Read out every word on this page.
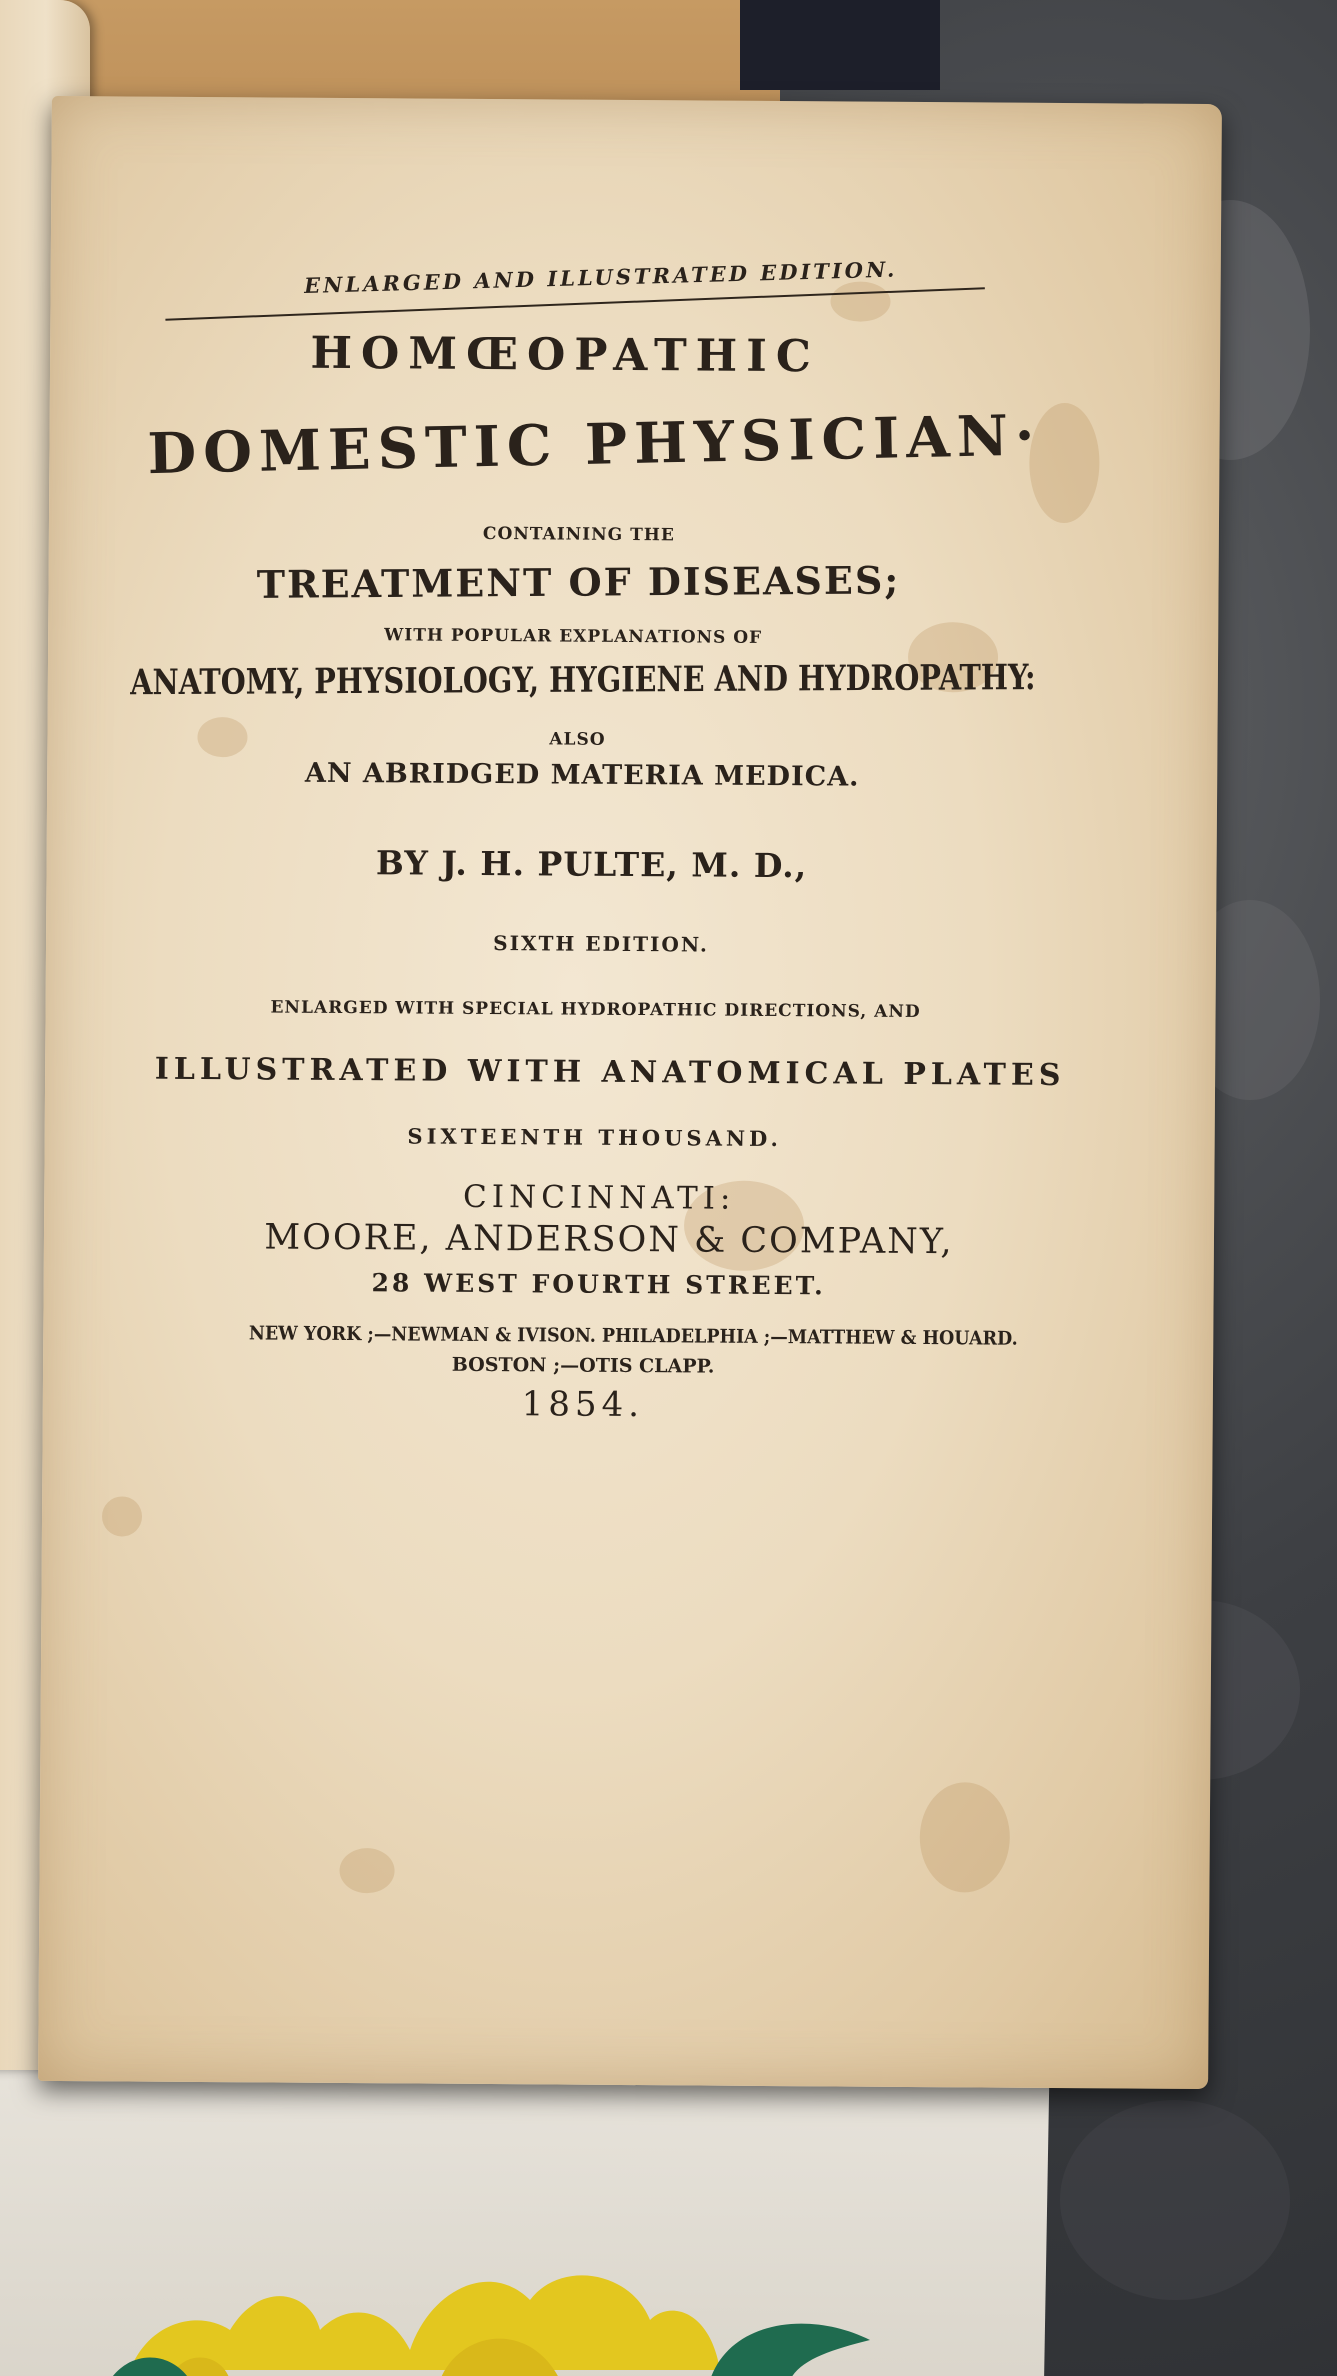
ENLARGED AND ILLUSTRATED EDITION.

HOMŒOPATHIC

DOMESTIC PHYSICIAN·

CONTAINING THE

TREATMENT OF DISEASES;

WITH POPULAR EXPLANATIONS OF

ANATOMY, PHYSIOLOGY, HYGIENE AND HYDROPATHY:

ALSO

AN ABRIDGED MATERIA MEDICA.

BY J. H. PULTE, M. D.,

SIXTH EDITION.

ENLARGED WITH SPECIAL HYDROPATHIC DIRECTIONS, AND

ILLUSTRATED WITH ANATOMICAL PLATES

SIXTEENTH THOUSAND.

CINCINNATI:

MOORE, ANDERSON & COMPANY,

28 WEST FOURTH STREET.

NEW YORK ;—NEWMAN & IVISON. PHILADELPHIA ;—MATTHEW & HOUARD.

BOSTON ;—OTIS CLAPP.

1854.
